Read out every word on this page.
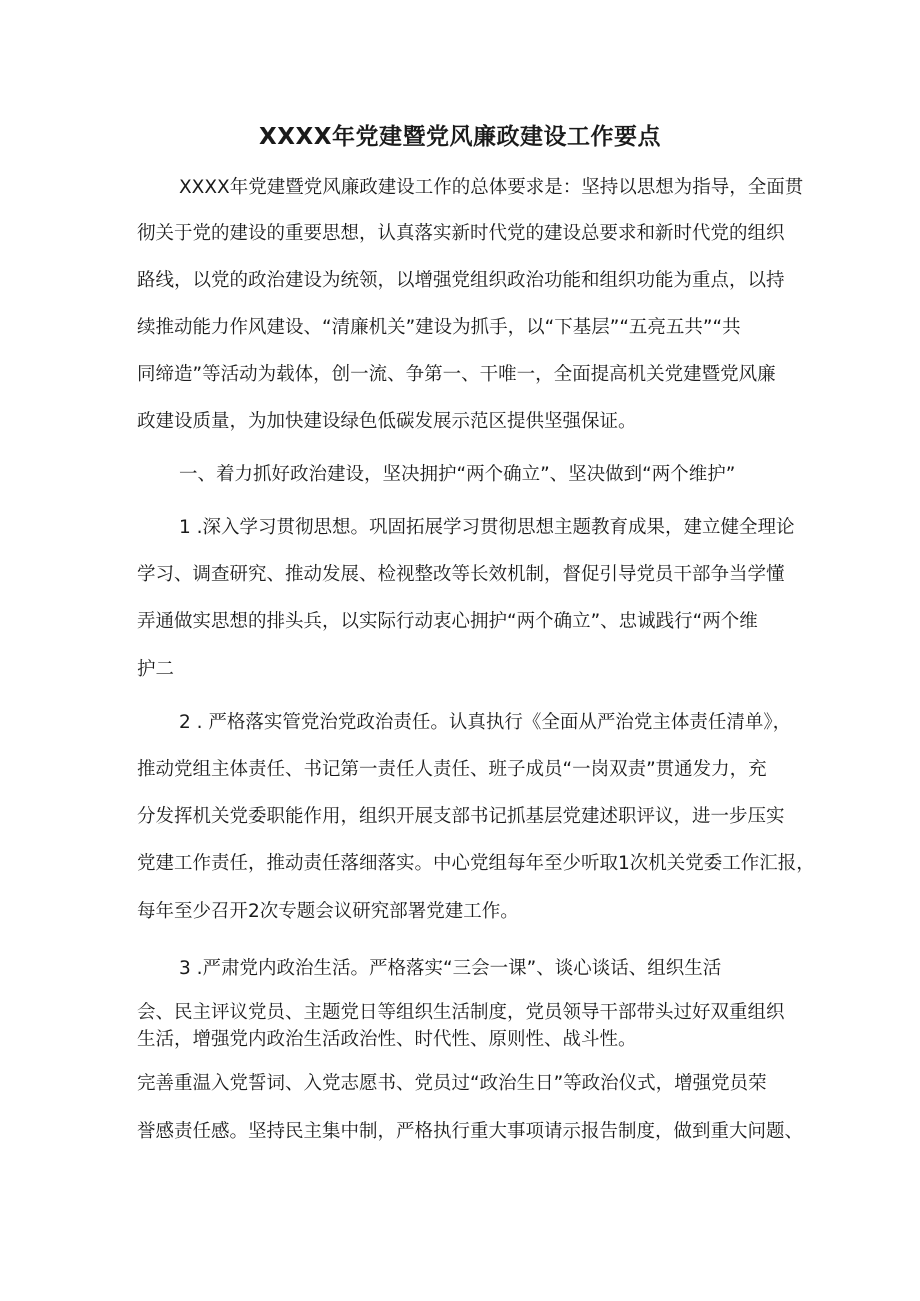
XXXX年党建暨党风廉政建设工作要点

XXXX年党建暨党风廉政建设工作的总体要求是：坚持以思想为指导，全面贯

彻关于党的建设的重要思想，认真落实新时代党的建设总要求和新时代党的组织

路线，以党的政治建设为统领，以增强党组织政治功能和组织功能为重点，以持

续推动能力作风建设、“清廉机关”建设为抓手，以“下基层”“五亮五共”“共

同缔造”等活动为载体，创一流、争第一、干唯一，全面提高机关党建暨党风廉

政建设质量，为加快建设绿色低碳发展示范区提供坚强保证。

一、着力抓好政治建设，坚决拥护“两个确立”、坚决做到“两个维护”

1 .深入学习贯彻思想。巩固拓展学习贯彻思想主题教育成果，建立健全理论

学习、调查研究、推动发展、检视整改等长效机制，督促引导党员干部争当学懂

弄通做实思想的排头兵，以实际行动衷心拥护“两个确立”、忠诚践行“两个维

护二

2 . 严格落实管党治党政治责任。认真执行《全面从严治党主体责任清单》，

推动党组主体责任、书记第一责任人责任、班子成员“一岗双责”贯通发力，充

分发挥机关党委职能作用，组织开展支部书记抓基层党建述职评议，进一步压实

党建工作责任，推动责任落细落实。中心党组每年至少听取1次机关党委工作汇报，

每年至少召开2次专题会议研究部署党建工作。

3 .严肃党内政治生活。严格落实“三会一课”、谈心谈话、组织生活

会、民主评议党员、主题党日等组织生活制度，党员领导干部带头过好双重组织

生活，增强党内政治生活政治性、时代性、原则性、战斗性。

完善重温入党誓词、入党志愿书、党员过“政治生日”等政治仪式，增强党员荣

誉感责任感。坚持民主集中制，严格执行重大事项请示报告制度，做到重大问题、
